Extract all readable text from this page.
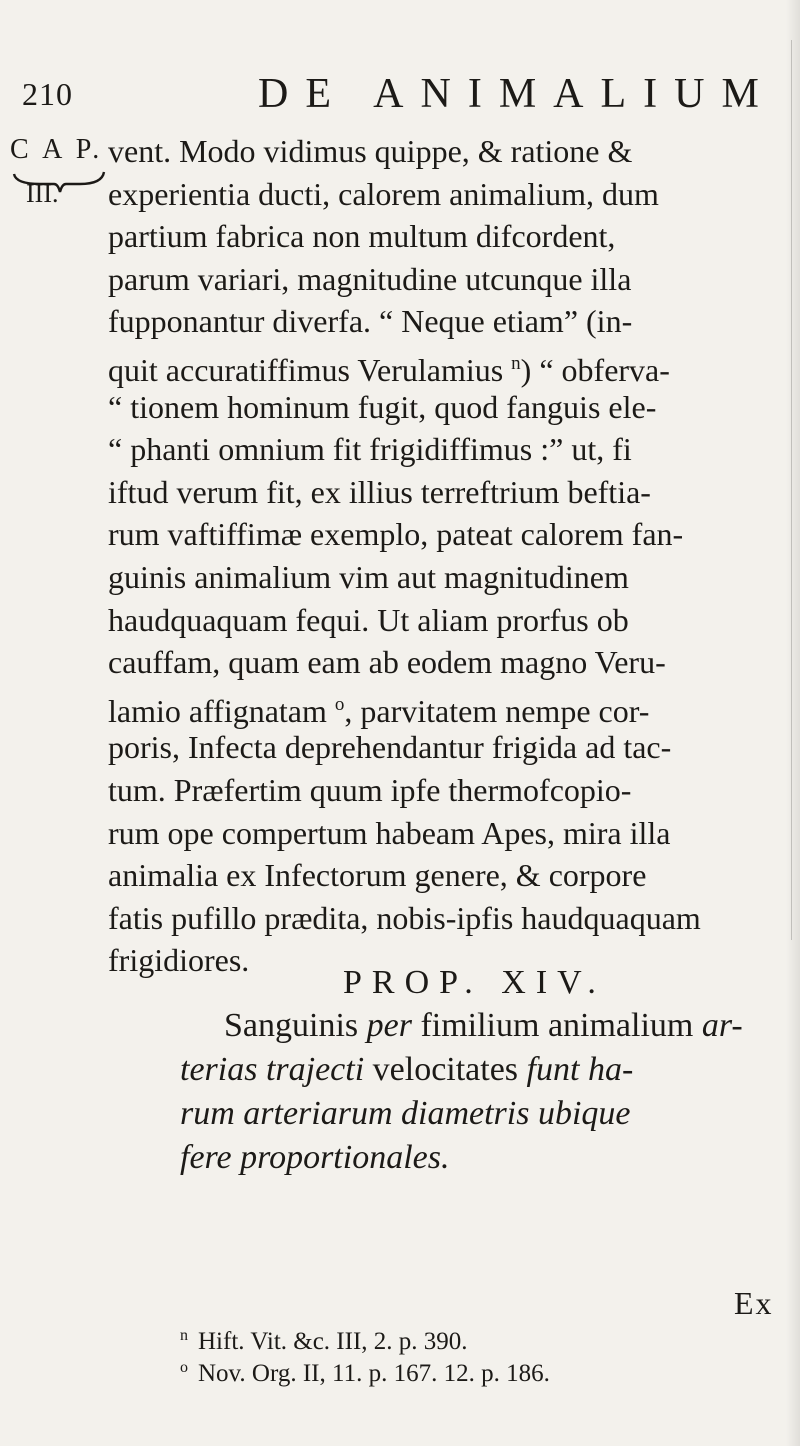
210	DE ANIMALIUM
C A P.
III.
vent. Modo vidimus quippe, & ratione &
experientia ducti, calorem animalium, dum
partium fabrica non multum difcordent,
parum variari, magnitudine utcunque illa
fupponantur diverfa. “ Neque etiam” (in-
quit accuratiffimus Verulamius $^n$) “ obferva-
“ tionem hominum fugit, quod fanguis ele-
“ phanti omnium fit frigidiffimus :” ut, fi
iftud verum fit, ex illius terreftrium beftia-
rum vaftiffimæ exemplo, pateat calorem fan-
guinis animalium vim aut magnitudinem
haudquaquam fequi. Ut aliam prorfus ob
cauffam, quam eam ab eodem magno Veru-
lamio affignatam $^o$, parvitatem nempe cor-
poris, Infecta deprehendantur frigida ad tac-
tum. Præfertim quum ipfe thermofcopio-
rum ope compertum habeam Apes, mira illa
animalia ex Infectorum genere, & corpore
fatis pufillo prædita, nobis-ipfis haudquaquam
frigidiores.
PROP. XIV.
Sanguinis per fimilium animalium ar-
terias trajecti velocitates funt ha-
rum arteriarum diametris ubique
fere proportionales.
Ex
$^n$ Hift. Vit. &c. III, 2. p. 390.
$^o$ Nov. Org. II, 11. p. 167. 12. p. 186.
